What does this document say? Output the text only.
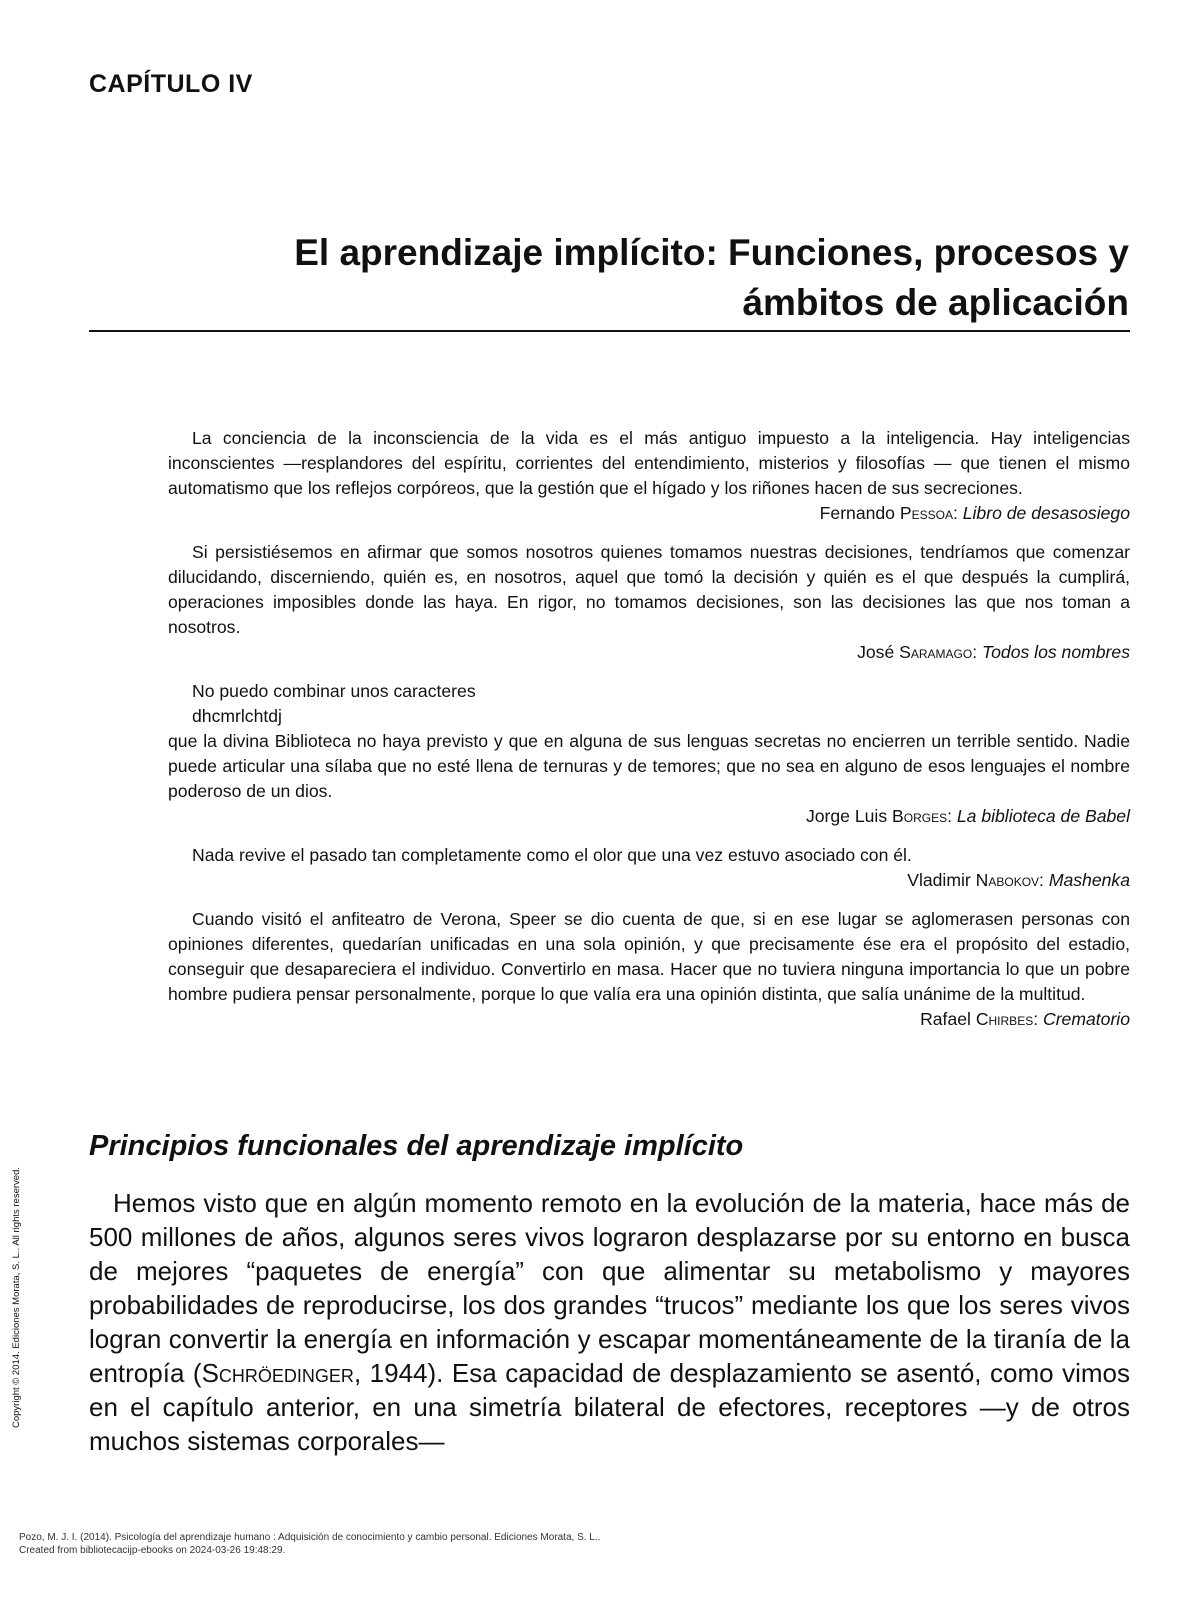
CAPÍTULO IV
El aprendizaje implícito: Funciones, procesos y
ámbitos de aplicación

La conciencia de la inconsciencia de la vida es el más antiguo impuesto a la inteligencia. Hay inteligencias inconscientes —resplandores del espíritu, corrientes del entendimiento, misterios y filosofías — que tienen el mismo automatismo que los reflejos corpóreos, que la gestión que el hígado y los riñones hacen de sus secreciones.

Fernando Pessoa: Libro de desasosiego

Si persistiésemos en afirmar que somos nosotros quienes tomamos nuestras decisiones, tendríamos que comenzar dilucidando, discerniendo, quién es, en nosotros, aquel que tomó la decisión y quién es el que después la cumplirá, operaciones imposibles donde las haya. En rigor, no tomamos decisiones, son las decisiones las que nos toman a nosotros.

José Saramago: Todos los nombres
No puedo combinar unos caracteres
dhcmrlchtdj

que la divina Biblioteca no haya previsto y que en alguna de sus lenguas secretas no encierren un terrible sentido. Nadie puede articular una sílaba que no esté llena de ternuras y de temores; que no sea en alguno de esos lenguajes el nombre poderoso de un dios.

Jorge Luis Borges: La biblioteca de Babel

Nada revive el pasado tan completamente como el olor que una vez estuvo asociado con él.

Vladimir Nabokov: Mashenka

Cuando visitó el anfiteatro de Verona, Speer se dio cuenta de que, si en ese lugar se aglomerasen personas con opiniones diferentes, quedarían unificadas en una sola opinión, y que precisamente ése era el propósito del estadio, conseguir que desapareciera el individuo. Convertirlo en masa. Hacer que no tuviera ninguna importancia lo que un pobre hombre pudiera pensar personalmente, porque lo que valía era una opinión distinta, que salía unánime de la multitud.

Rafael Chirbes: Crematorio
Principios funcionales del aprendizaje implícito

Hemos visto que en algún momento remoto en la evolución de la materia, hace más de 500 millones de años, algunos seres vivos lograron desplazarse por su entorno en busca de mejores “paquetes de energía” con que alimentar su metabolismo y mayores probabilidades de reproducirse, los dos grandes “trucos” mediante los que los seres vivos logran convertir la energía en información y escapar momentáneamente de la tiranía de la entropía (Schröedinger, 1944). Esa capacidad de desplazamiento se asentó, como vimos en el capítulo anterior, en una simetría bilateral de efectores, receptores —y de otros muchos sistemas corporales—

Copyright © 2014. Ediciones Morata, S. L.. All rights reserved.
Pozo, M. J. I. (2014). Psicología del aprendizaje humano : Adquisición de conocimiento y cambio personal. Ediciones Morata, S. L..
Created from bibliotecacijp-ebooks on 2024-03-26 19:48:29.
